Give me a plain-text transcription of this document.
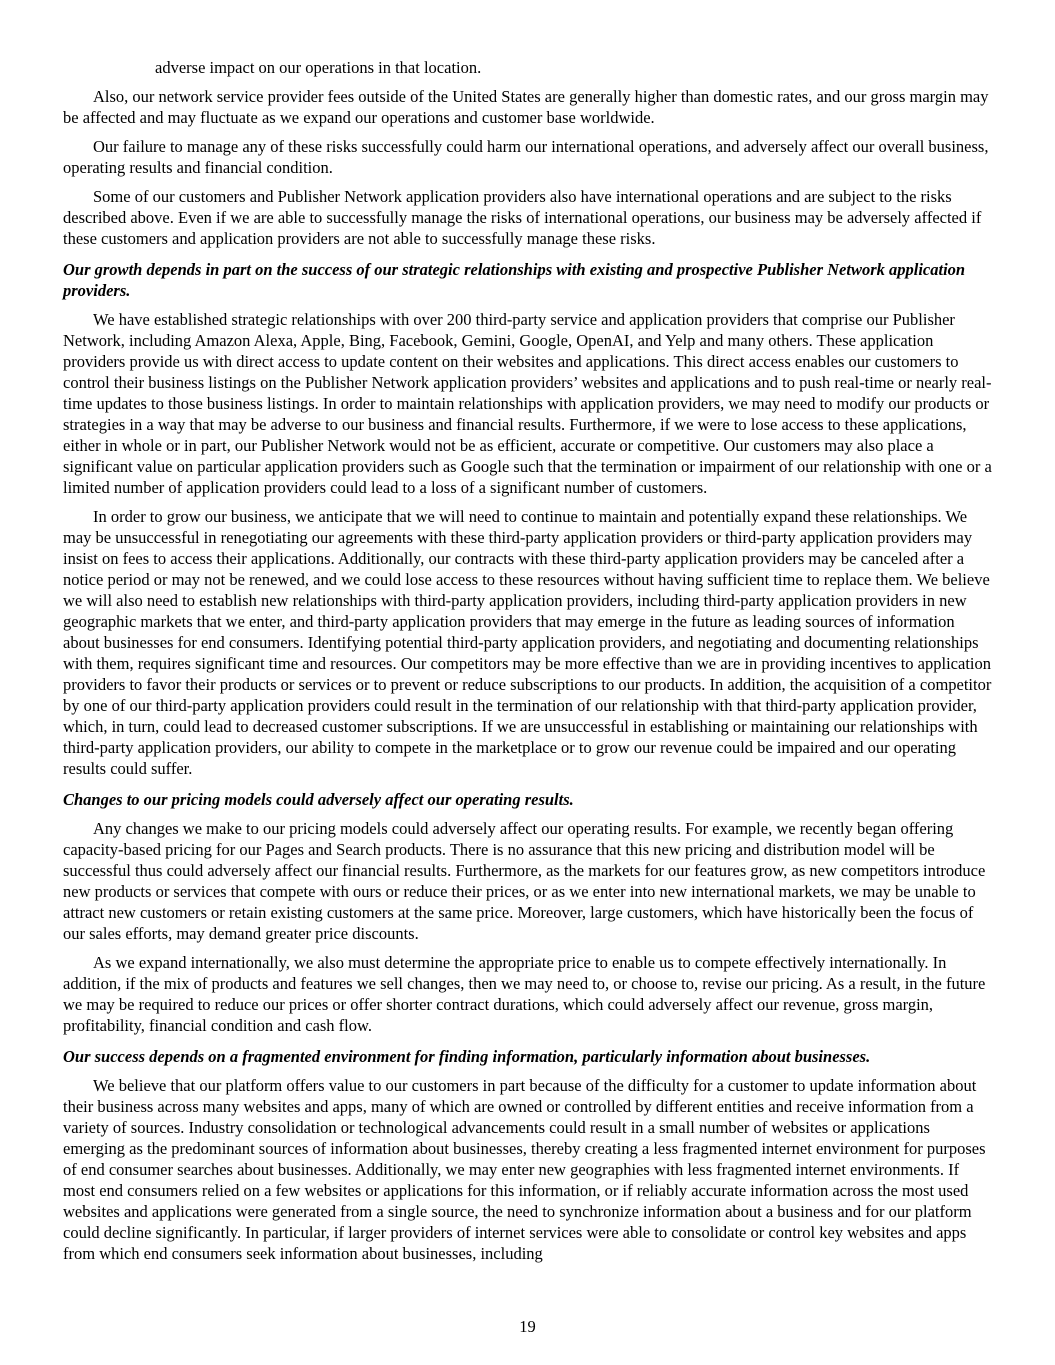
adverse impact on our operations in that location.

Also, our network service provider fees outside of the United States are generally higher than domestic rates, and our gross margin may be affected and may fluctuate as we expand our operations and customer base worldwide.

Our failure to manage any of these risks successfully could harm our international operations, and adversely affect our overall business, operating results and financial condition.

Some of our customers and Publisher Network application providers also have international operations and are subject to the risks described above. Even if we are able to successfully manage the risks of international operations, our business may be adversely affected if these customers and application providers are not able to successfully manage these risks.

Our growth depends in part on the success of our strategic relationships with existing and prospective Publisher Network application providers.

We have established strategic relationships with over 200 third-party service and application providers that comprise our Publisher Network, including Amazon Alexa, Apple, Bing, Facebook, Gemini, Google, OpenAI, and Yelp and many others. These application providers provide us with direct access to update content on their websites and applications. This direct access enables our customers to control their business listings on the Publisher Network application providers’ websites and applications and to push real-time or nearly real-time updates to those business listings. In order to maintain relationships with application providers, we may need to modify our products or strategies in a way that may be adverse to our business and financial results. Furthermore, if we were to lose access to these applications, either in whole or in part, our Publisher Network would not be as efficient, accurate or competitive. Our customers may also place a significant value on particular application providers such as Google such that the termination or impairment of our relationship with one or a limited number of application providers could lead to a loss of a significant number of customers.

In order to grow our business, we anticipate that we will need to continue to maintain and potentially expand these relationships. We may be unsuccessful in renegotiating our agreements with these third-party application providers or third-party application providers may insist on fees to access their applications. Additionally, our contracts with these third-party application providers may be canceled after a notice period or may not be renewed, and we could lose access to these resources without having sufficient time to replace them. We believe we will also need to establish new relationships with third-party application providers, including third-party application providers in new geographic markets that we enter, and third-party application providers that may emerge in the future as leading sources of information about businesses for end consumers. Identifying potential third-party application providers, and negotiating and documenting relationships with them, requires significant time and resources. Our competitors may be more effective than we are in providing incentives to application providers to favor their products or services or to prevent or reduce subscriptions to our products. In addition, the acquisition of a competitor by one of our third-party application providers could result in the termination of our relationship with that third-party application provider, which, in turn, could lead to decreased customer subscriptions. If we are unsuccessful in establishing or maintaining our relationships with third-party application providers, our ability to compete in the marketplace or to grow our revenue could be impaired and our operating results could suffer.

Changes to our pricing models could adversely affect our operating results.

Any changes we make to our pricing models could adversely affect our operating results. For example, we recently began offering capacity-based pricing for our Pages and Search products. There is no assurance that this new pricing and distribution model will be successful thus could adversely affect our financial results. Furthermore, as the markets for our features grow, as new competitors introduce new products or services that compete with ours or reduce their prices, or as we enter into new international markets, we may be unable to attract new customers or retain existing customers at the same price. Moreover, large customers, which have historically been the focus of our sales efforts, may demand greater price discounts.

As we expand internationally, we also must determine the appropriate price to enable us to compete effectively internationally. In addition, if the mix of products and features we sell changes, then we may need to, or choose to, revise our pricing. As a result, in the future we may be required to reduce our prices or offer shorter contract durations, which could adversely affect our revenue, gross margin, profitability, financial condition and cash flow.

Our success depends on a fragmented environment for finding information, particularly information about businesses.

We believe that our platform offers value to our customers in part because of the difficulty for a customer to update information about their business across many websites and apps, many of which are owned or controlled by different entities and receive information from a variety of sources. Industry consolidation or technological advancements could result in a small number of websites or applications emerging as the predominant sources of information about businesses, thereby creating a less fragmented internet environment for purposes of end consumer searches about businesses. Additionally, we may enter new geographies with less fragmented internet environments. If most end consumers relied on a few websites or applications for this information, or if reliably accurate information across the most used websites and applications were generated from a single source, the need to synchronize information about a business and for our platform could decline significantly. In particular, if larger providers of internet services were able to consolidate or control key websites and apps from which end consumers seek information about businesses, including

19
